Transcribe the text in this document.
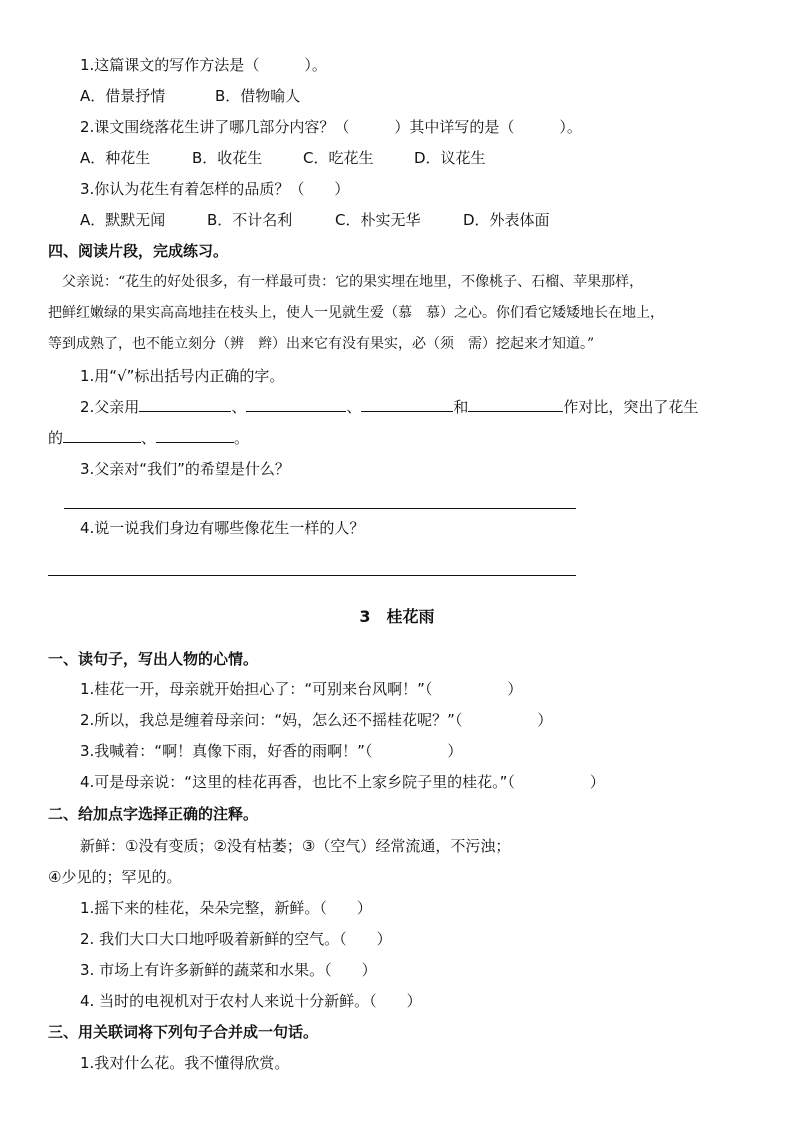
1.这篇课文的写作方法是（　　　）。
A．借景抒情	B．借物喻人
2.课文围绕落花生讲了哪几部分内容？（　　　）其中详写的是（　　　）。
A．种花生	B．收花生	C．吃花生	D．议花生
3.你认为花生有着怎样的品质？（　　）
A．默默无闻	B．不计名利	C．朴实无华	D．外表体面
四、阅读片段，完成练习。
父亲说：“花生的好处很多，有一样最可贵：它的果实埋在地里，不像桃子、石榴、苹果那样，
把鲜红嫩绿的果实高高地挂在枝头上，使人一见就生爱（慕　慕）之心。你们看它矮矮地长在地上，
等到成熟了，也不能立刻分（辨　辫）出来它有没有果实，必（须　需）挖起来才知道。”
1.用“√”标出括号内正确的字。
2.父亲用	、	、	和	作对比，突出了花生
的	、	。
3.父亲对“我们”的希望是什么？
4.说一说我们身边有哪些像花生一样的人？
3　桂花雨
一、读句子，写出人物的心情。
1.桂花一开，母亲就开始担心了：“可别来台风啊！”（　　　　　）
2.所以，我总是缠着母亲问：“妈，怎么还不摇桂花呢？”（　　　　　）
3.我喊着：“啊！真像下雨，好香的雨啊！”（　　　　　）
4.可是母亲说：“这里的桂花再香，也比不上家乡院子里的桂花。”（　　　　　）
二、给加点字选择正确的注释。
新鲜：①没有变质；②没有枯萎；③（空气）经常流通，不污浊；
④少见的；罕见的。
1.摇下来的桂花，朵朵完整，新鲜。（　　）
2. 我们大口大口地呼吸着新鲜的空气。（　　）
3. 市场上有许多新鲜的蔬菜和水果。（　　）
4. 当时的电视机对于农村人来说十分新鲜。（　　）
三、用关联词将下列句子合并成一句话。
1.我对什么花。我不懂得欣赏。
